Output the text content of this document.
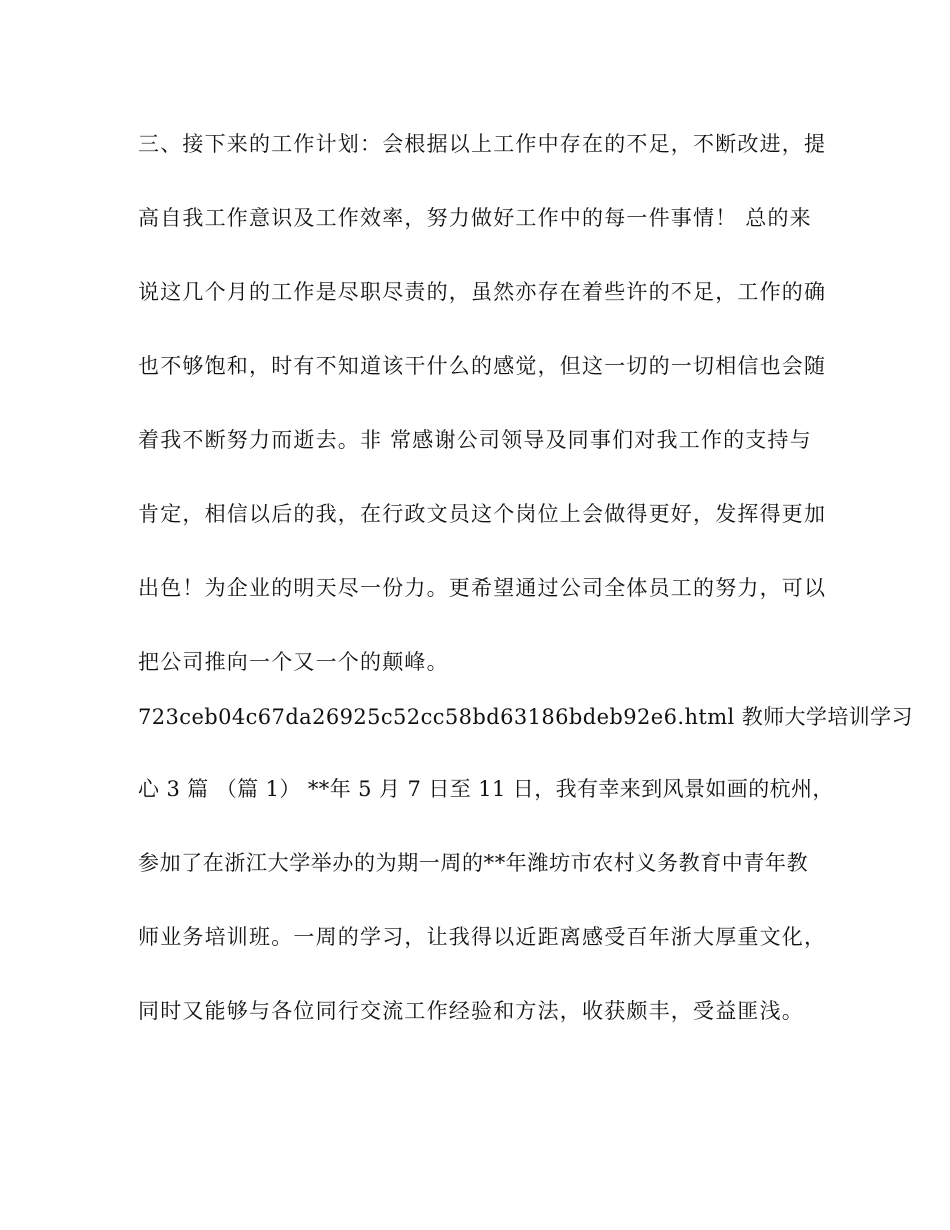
三、接下来的工作计划：会根据以上工作中存在的不足，不断改进，提
高自我工作意识及工作效率，努力做好工作中的每一件事情！ 总的来
说这几个月的工作是尽职尽责的，虽然亦存在着些许的不足，工作的确
也不够饱和，时有不知道该干什么的感觉，但这一切的一切相信也会随
着我不断努力而逝去。非 常感谢公司领导及同事们对我工作的支持与
肯定，相信以后的我，在行政文员这个岗位上会做得更好，发挥得更加
出色！为企业的明天尽一份力。更希望通过公司全体员工的努力，可以
把公司推向一个又一个的颠峰。
723ceb04c67da26925c52cc58bd63186bdeb92e6.html 教师大学培训学习
心 3 篇 （篇 1） **年 5 月 7 日至 11 日，我有幸来到风景如画的杭州，
参加了在浙江大学举办的为期一周的**年潍坊市农村义务教育中青年教
师业务培训班。一周的学习，让我得以近距离感受百年浙大厚重文化，
同时又能够与各位同行交流工作经验和方法，收获颇丰，受益匪浅。
